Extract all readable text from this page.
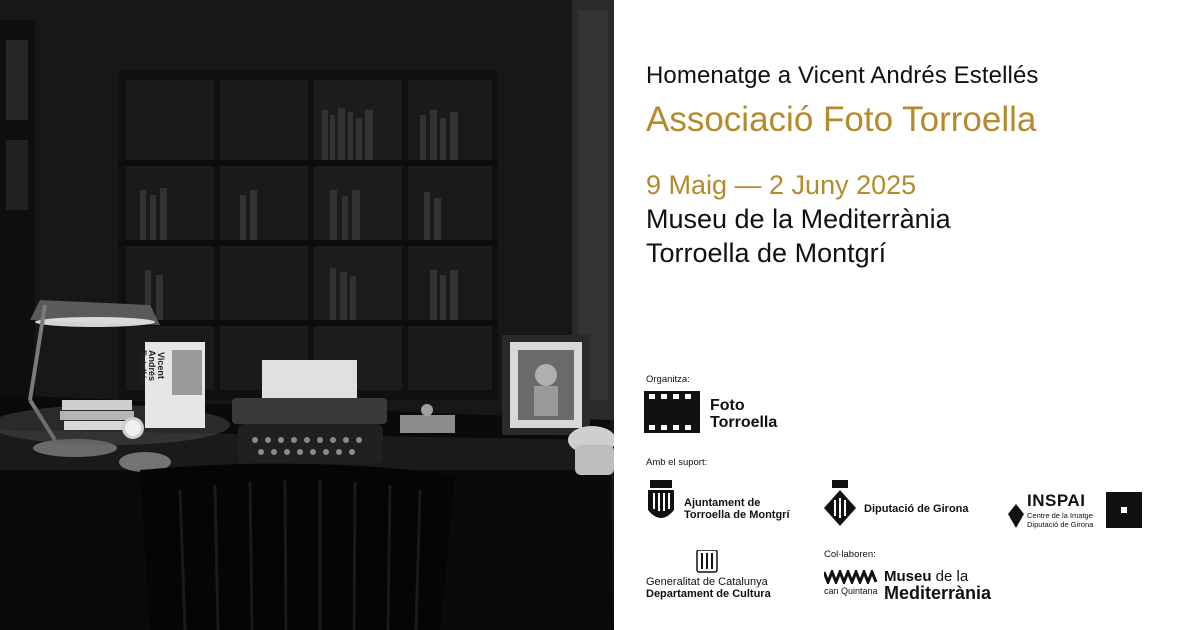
Vicent
Andrés
Estellés
Homenatge a Vicent Andrés Estellés
Associació Foto Torroella
9 Maig — 2 Juny 2025
Museu de la Mediterrània
Torroella de Montgrí
Organitza:
Foto
Torroella
Amb el suport:
Ajuntament de
Torroella de Montgrí
Diputació de Girona	INSPAI
Centre de la Imatge
Diputació de Girona
Generalitat de Catalunya
Departament de Cultura
Col·laboren:
can Quintana
Museu de la
Mediterrània
